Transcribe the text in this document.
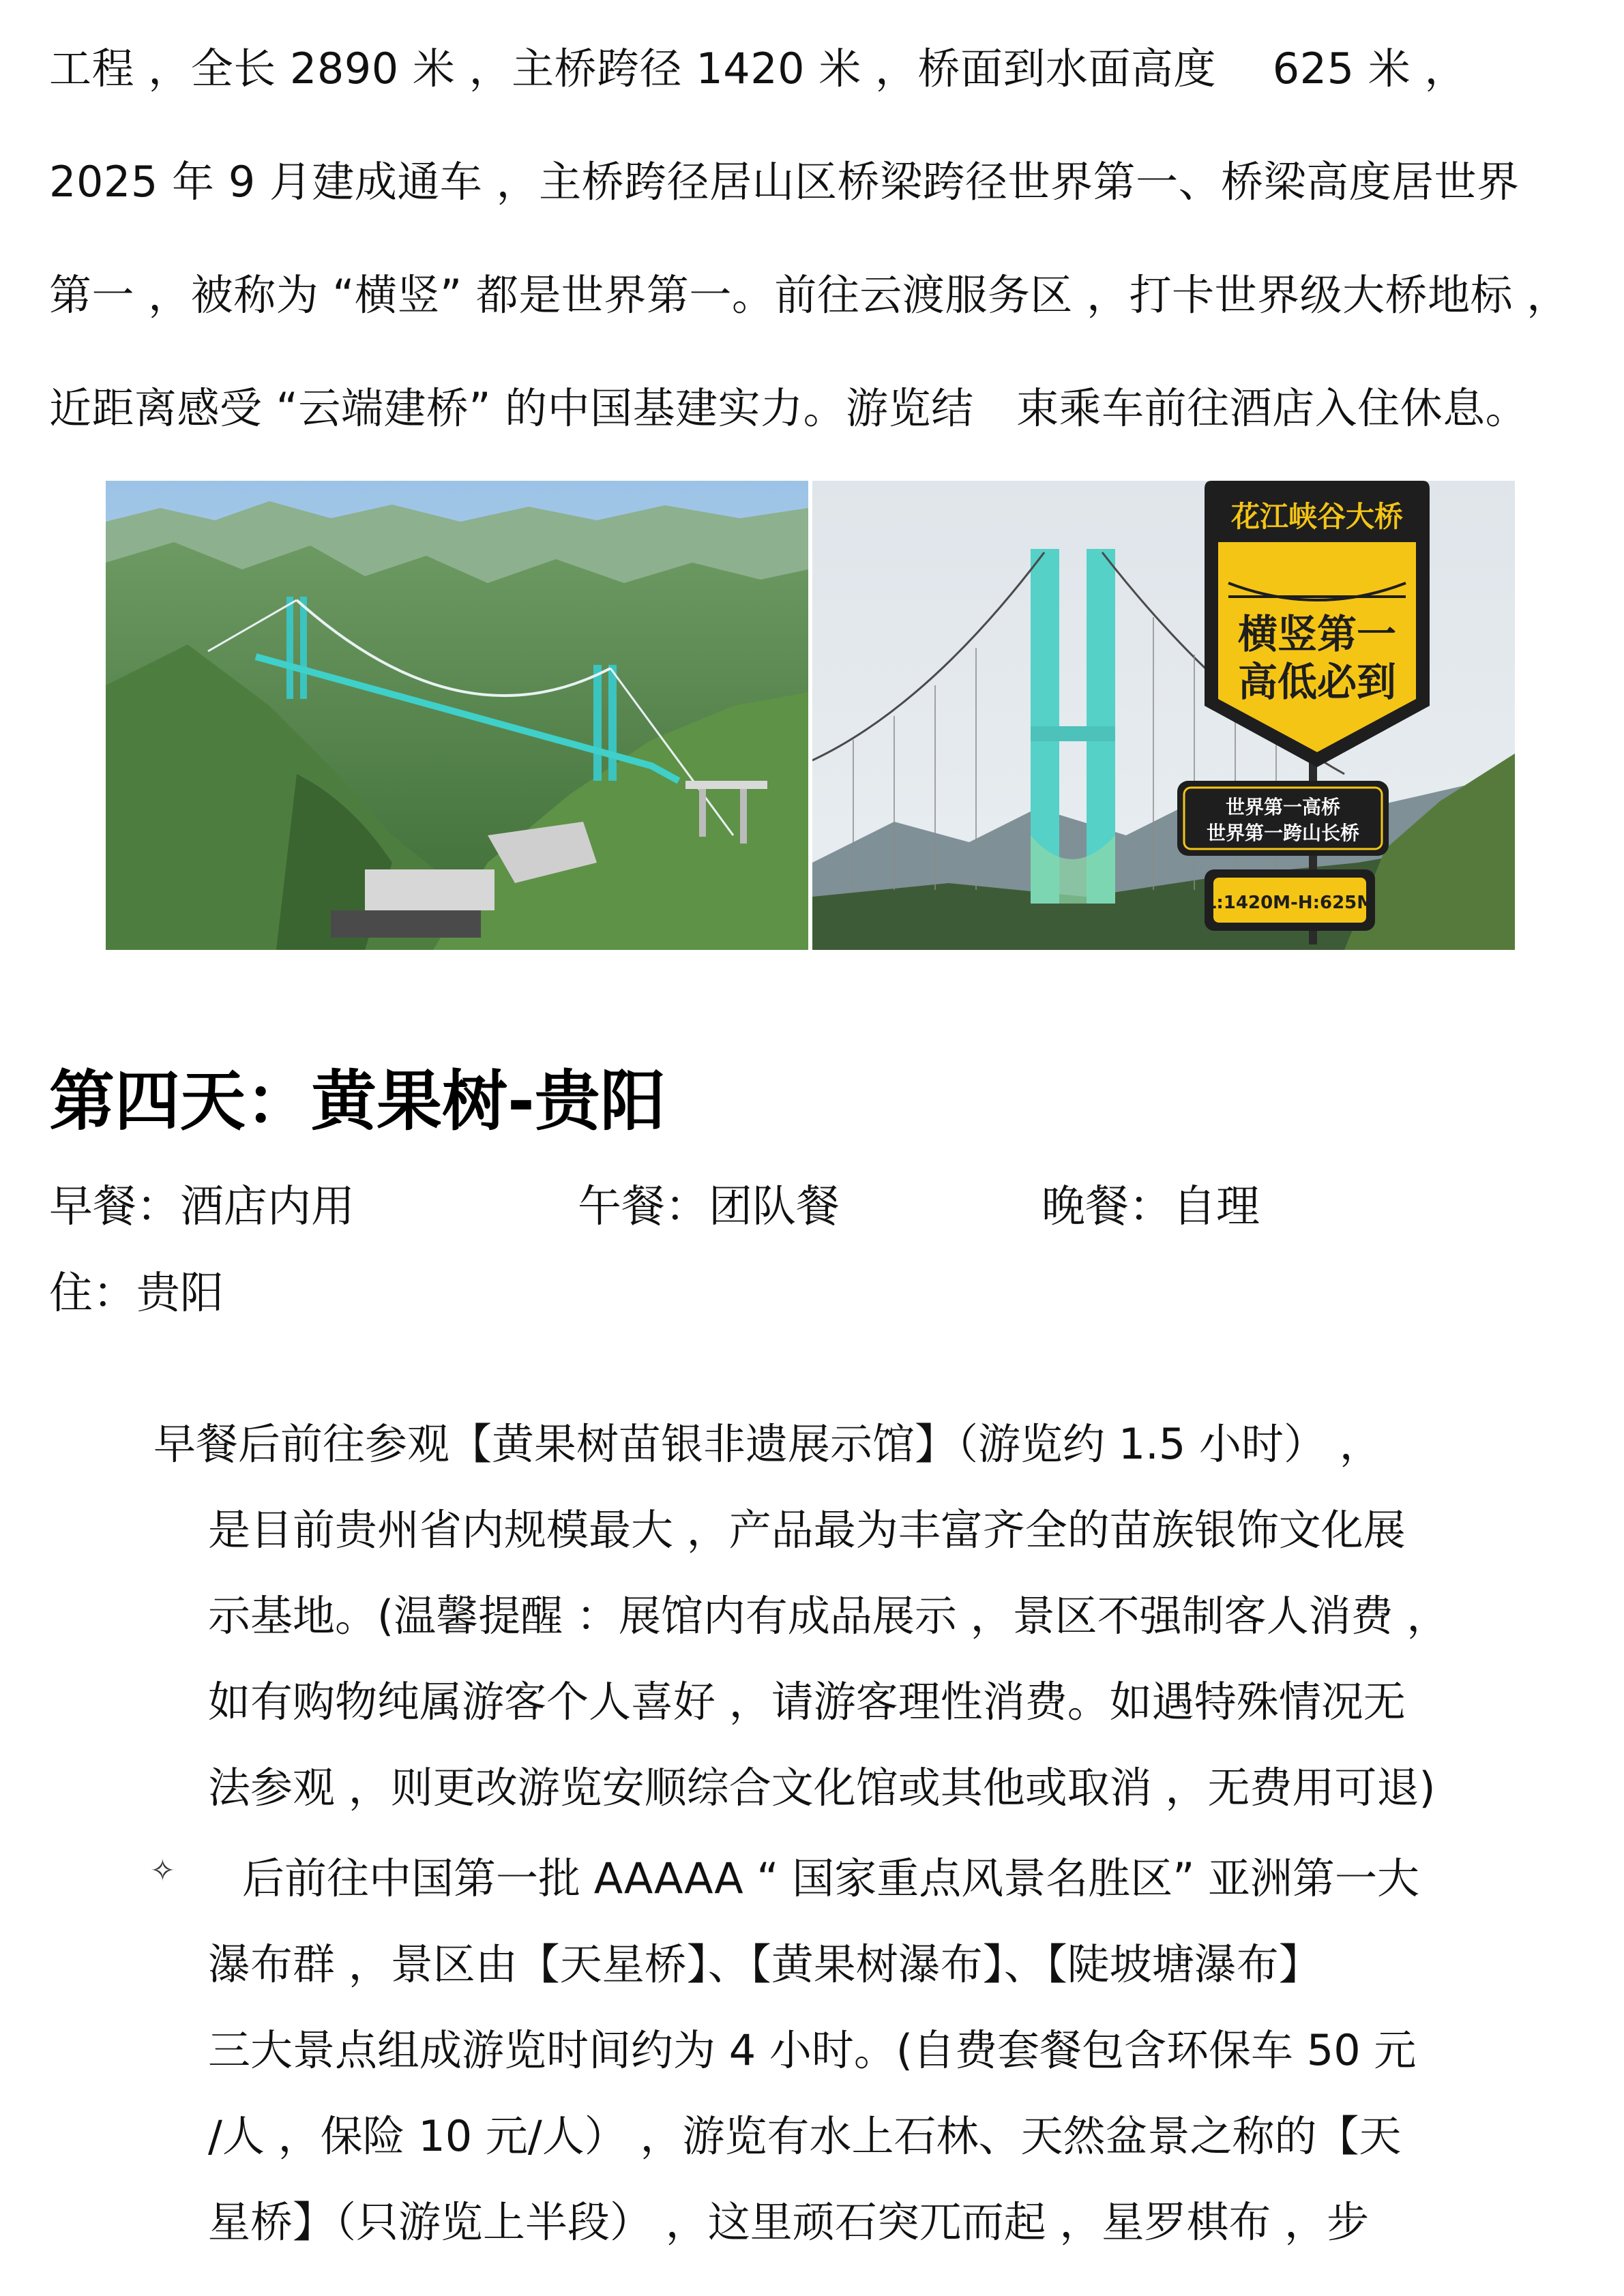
工程 ，全长 2890 米 ，主桥跨径 1420 米 ，桥面到水面高度　 625 米 ，
2025 年 9 月建成通车 ，主桥跨径居山区桥梁跨径世界第一、桥梁高度居世界
第一 ，被称为 “横竖” 都是世界第一。前往云渡服务区 ，打卡世界级大桥地标 ，
近距离感受 “云端建桥” 的中国基建实力。游览结　束乘车前往酒店入住休息。
花江峡谷大桥
横竖第一
高低必到
世界第一高桥
世界第一跨山长桥
L:1420M-H:625M
第四天：黄果树-贵阳
早餐：酒店内用	午餐：团队餐	晚餐：自理
住：贵阳
早餐后前往参观【黄果树苗银非遗展示馆】（游览约 1.5 小时） ，
是目前贵州省内规模最大 ，产品最为丰富齐全的苗族银饰文化展
示基地。(温馨提醒 ：展馆内有成品展示 ，景区不强制客人消费 ，
如有购物纯属游客个人喜好 ，请游客理性消费。如遇特殊情况无
法参观 ，则更改游览安顺综合文化馆或其他或取消 ，无费用可退)
✧	后前往中国第一批 AAAAA “ 国家重点风景名胜区” 亚洲第一大
瀑布群 ，景区由【天星桥】、【黄果树瀑布】、【陡坡塘瀑布】
三大景点组成游览时间约为 4 小时。(自费套餐包含环保车 50 元
/人 ，保险 10 元/人） ，游览有水上石林、天然盆景之称的【天
星桥】（只游览上半段） ，这里顽石突兀而起 ，星罗棋布 ，步
